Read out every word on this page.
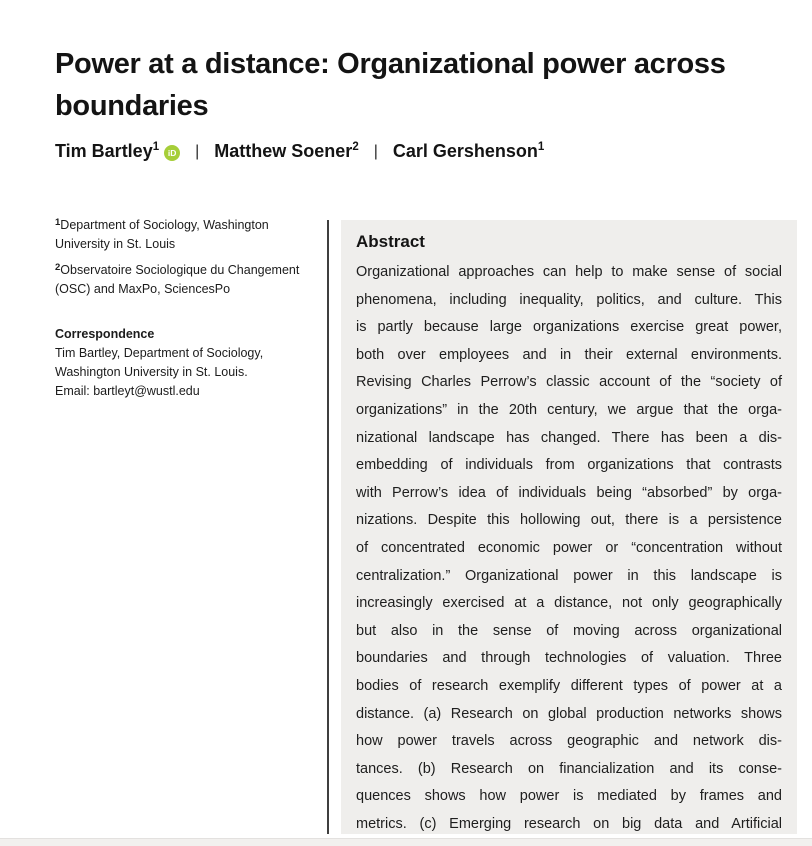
Power at a distance: Organizational power across boundaries
Tim Bartley$^1$ iD | Matthew Soener$^2$ | Carl Gershenson$^1$
$^1$Department of Sociology, Washington University in St. Louis
$^2$Observatoire Sociologique du Changement (OSC) and MaxPo, SciencesPo
Correspondence
Tim Bartley, Department of Sociology, Washington University in St. Louis.
Email: bartleyt@wustl.edu
Abstract
Organizational approaches can help to make sense of social
phenomena, including inequality, politics, and culture. This
is partly because large organizations exercise great power,
both over employees and in their external environments.
Revising Charles Perrow’s classic account of the “society of
organizations” in the 20th century, we argue that the orga-
nizational landscape has changed. There has been a dis-
embedding of individuals from organizations that contrasts
with Perrow’s idea of individuals being “absorbed” by orga-
nizations. Despite this hollowing out, there is a persistence
of concentrated economic power or “concentration without
centralization.” Organizational power in this landscape is
increasingly exercised at a distance, not only geographically
but also in the sense of moving across organizational
boundaries and through technologies of valuation. Three
bodies of research exemplify different types of power at a
distance. (a) Research on global production networks shows
how power travels across geographic and network dis-
tances. (b) Research on financialization and its conse-
quences shows how power is mediated by frames and
metrics. (c) Emerging research on big data and Artificial
